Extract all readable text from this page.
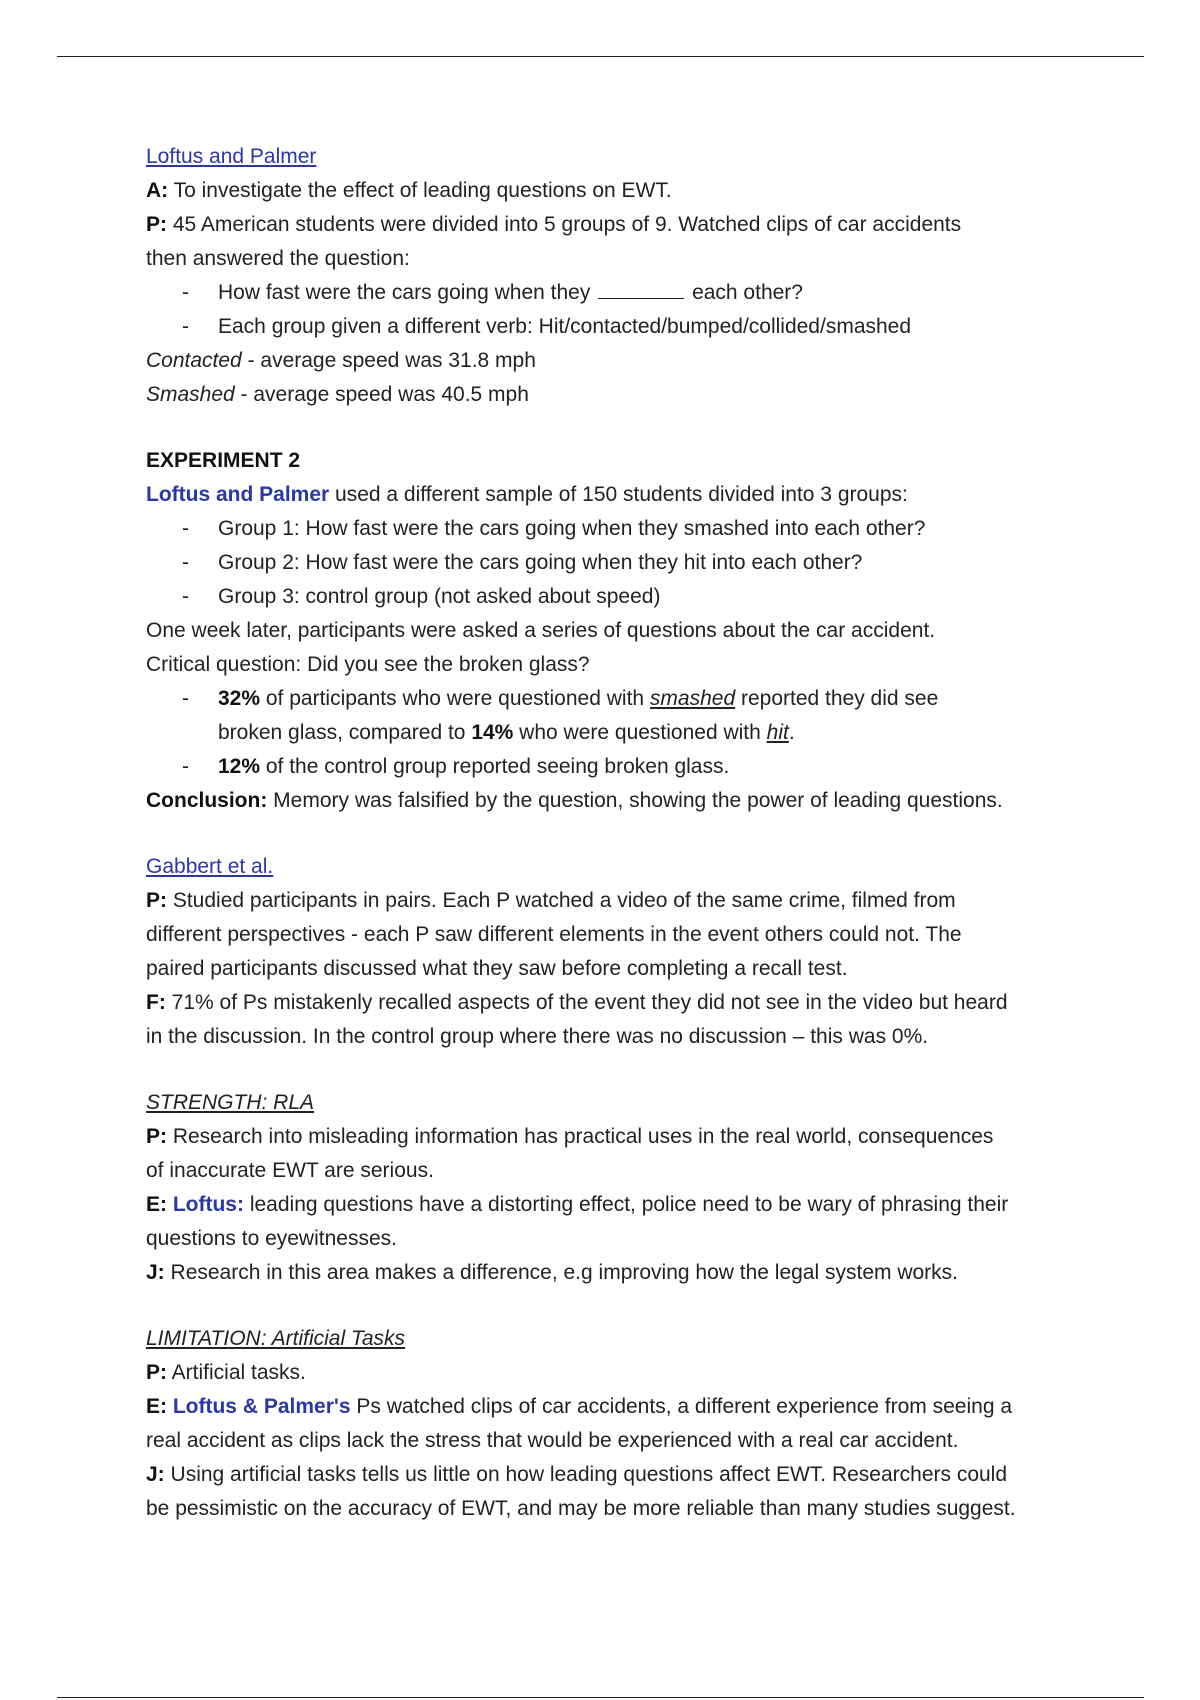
Loftus and Palmer
A: To investigate the effect of leading questions on EWT.
P: 45 American students were divided into 5 groups of 9. Watched clips of car accidents
then answered the question:
- How fast were the cars going when they	each other?
- Each group given a different verb: Hit/contacted/bumped/collided/smashed
Contacted - average speed was 31.8 mph
Smashed - average speed was 40.5 mph
EXPERIMENT 2
Loftus and Palmer used a different sample of 150 students divided into 3 groups:
- Group 1: How fast were the cars going when they smashed into each other?
- Group 2: How fast were the cars going when they hit into each other?
- Group 3: control group (not asked about speed)
One week later, participants were asked a series of questions about the car accident.
Critical question: Did you see the broken glass?
- 32% of participants who were questioned with smashed reported they did see
broken glass, compared to 14% who were questioned with hit.
- 12% of the control group reported seeing broken glass.
Conclusion: Memory was falsified by the question, showing the power of leading questions.
Gabbert et al.
P: Studied participants in pairs. Each P watched a video of the same crime, filmed from
different perspectives - each P saw different elements in the event others could not. The
paired participants discussed what they saw before completing a recall test.
F: 71% of Ps mistakenly recalled aspects of the event they did not see in the video but heard
in the discussion. In the control group where there was no discussion – this was 0%.
STRENGTH: RLA
P: Research into misleading information has practical uses in the real world, consequences
of inaccurate EWT are serious.
E: Loftus: leading questions have a distorting effect, police need to be wary of phrasing their
questions to eyewitnesses.
J: Research in this area makes a difference, e.g improving how the legal system works.
LIMITATION: Artificial Tasks
P: Artificial tasks.
E: Loftus & Palmer's Ps watched clips of car accidents, a different experience from seeing a
real accident as clips lack the stress that would be experienced with a real car accident.
J: Using artificial tasks tells us little on how leading questions affect EWT. Researchers could
be pessimistic on the accuracy of EWT, and may be more reliable than many studies suggest.
